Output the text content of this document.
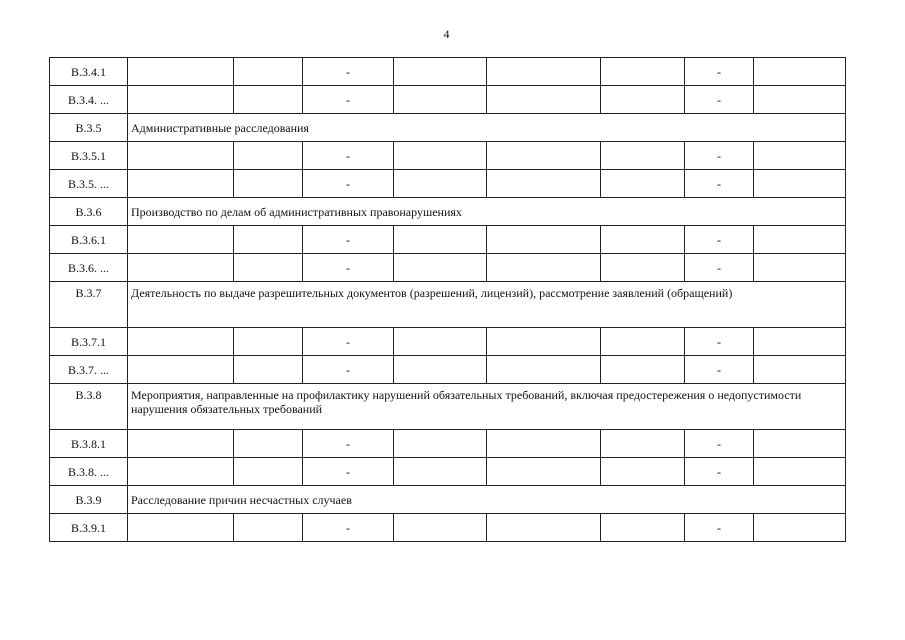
4
В.3.4.1			-				-	
В.3.4. ...			-				-	
В.3.5	Административные расследования							
В.3.5.1			-				-	
В.3.5. ...			-				-	
В.3.6	Производство по делам об административных правонарушениях							
В.3.6.1			-				-	
В.3.6. ...			-				-	
В.3.7	Деятельность по выдаче разрешительных документов (разрешений, лицензий), рассмотрение заявлений (обращений)							
В.3.7.1			-				-	
В.3.7. ...			-				-	
В.3.8	Мероприятия, направленные на профилактику нарушений обязательных требований, включая предостережения о недопустимости нарушения обязательных требований							
В.3.8.1			-				-	
В.3.8. ...			-				-	
В.3.9	Расследование причин несчастных случаев							
В.3.9.1			-				-	
